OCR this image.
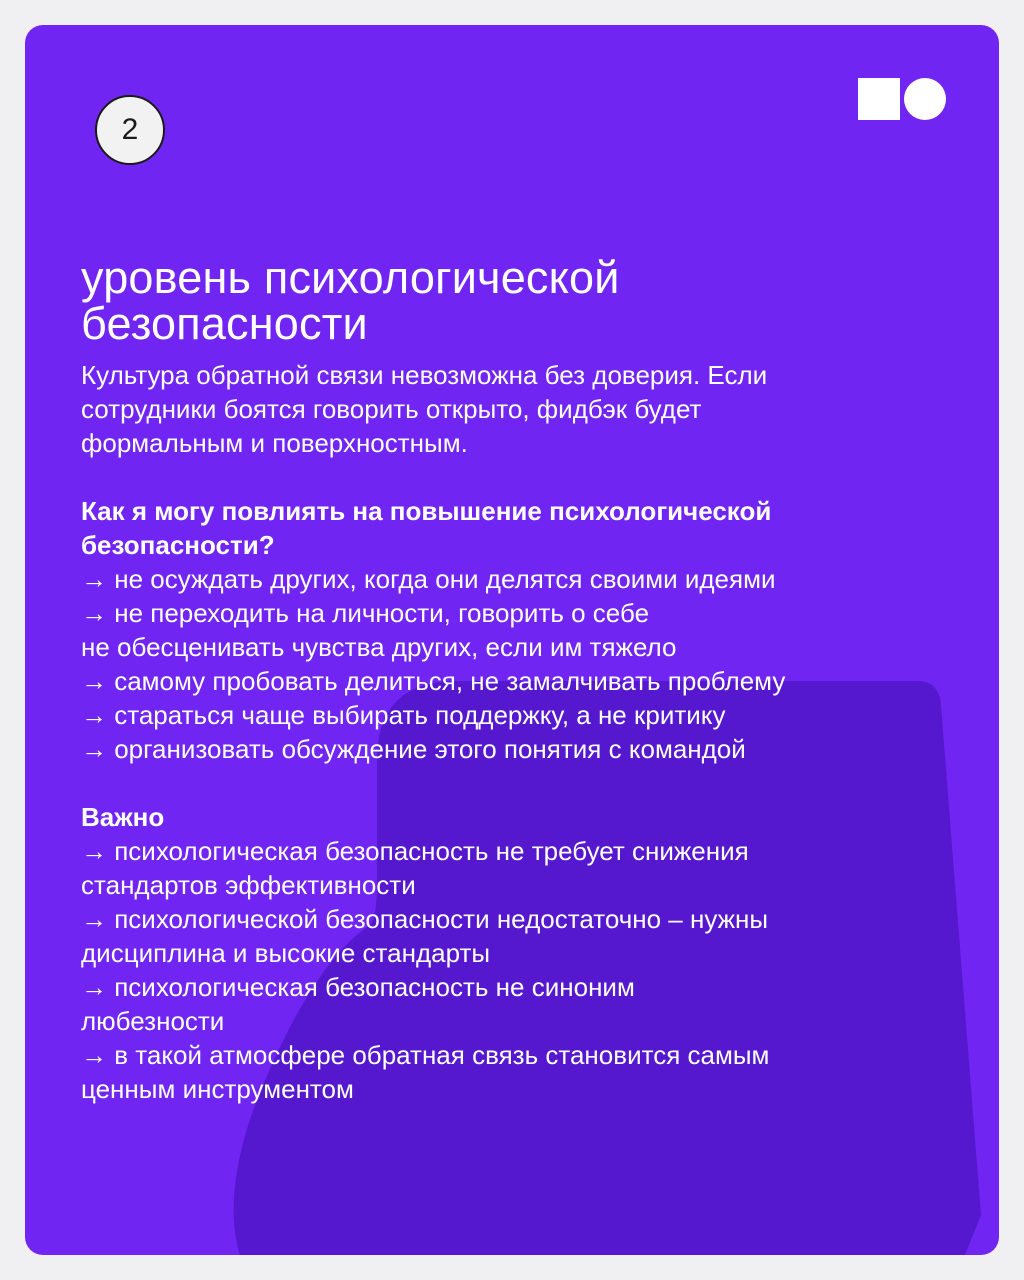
2
уровень психологической
безопасности

Культура обратной связи невозможна без доверия. Если

сотрудники боятся говорить открыто, фидбэк будет

формальным и поверхностным.

Как я могу повлиять на повышение психологической

безопасности?

→ не осуждать других, когда они делятся своими идеями

→ не переходить на личности, говорить о себе

не обесценивать чувства других, если им тяжело

→ самому пробовать делиться, не замалчивать проблему

→ стараться чаще выбирать поддержку, а не критику

→ организовать обсуждение этого понятия с командой

Важно

→ психологическая безопасность не требует снижения

стандартов эффективности

→ психологической безопасности недостаточно – нужны

дисциплина и высокие стандарты

→ психологическая безопасность не синоним

любезности

→ в такой атмосфере обратная связь становится самым

ценным инструментом
